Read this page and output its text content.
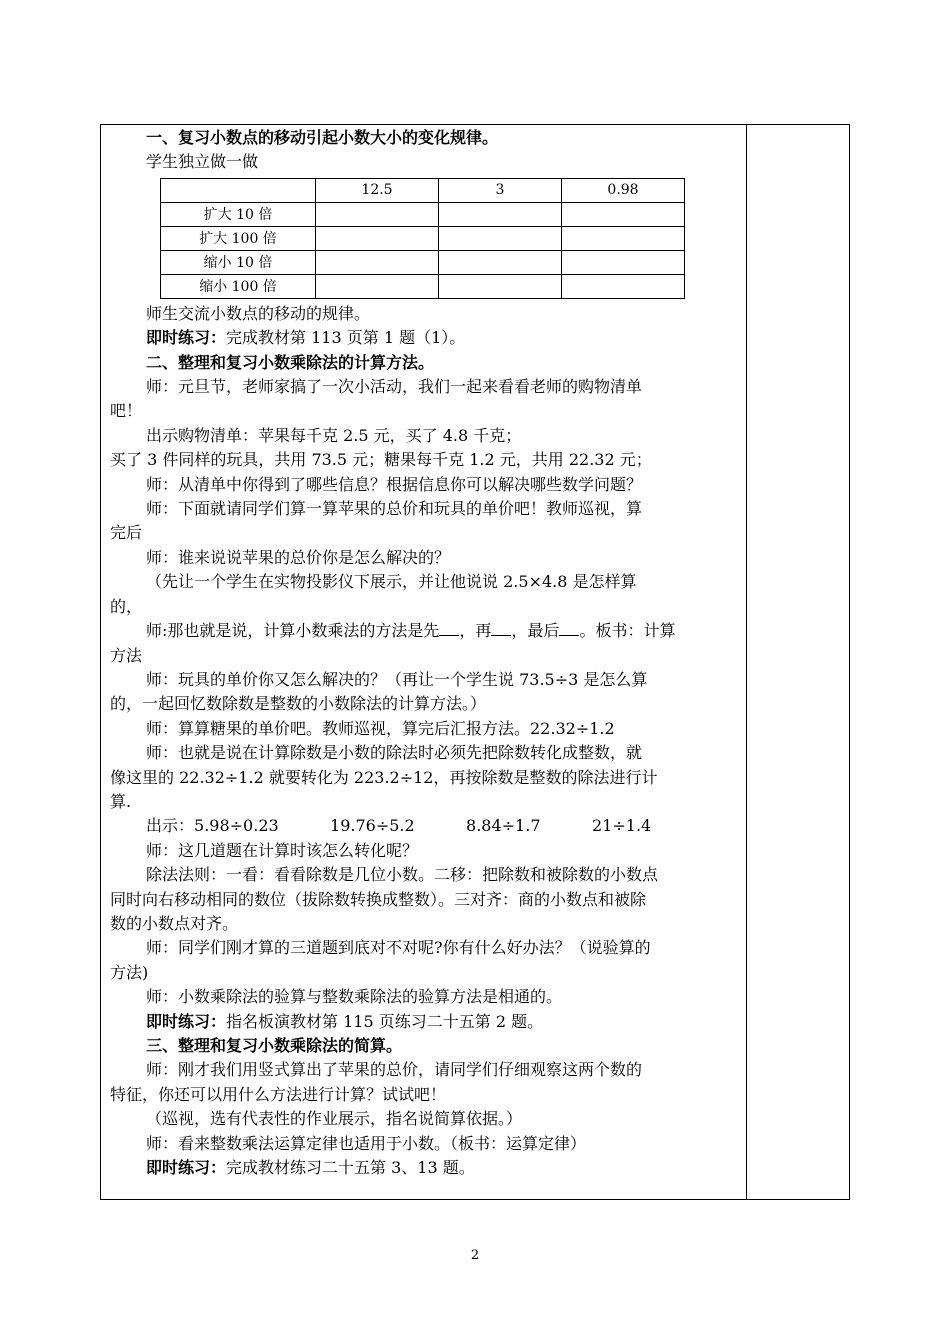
一、复习小数点的移动引起小数大小的变化规律。
学生独立做一做
	12.5	3	0.98
扩大 10 倍			
扩大 100 倍			
缩小 10 倍			
缩小 100 倍			
师生交流小数点的移动的规律。
即时练习：完成教材第 113 页第 1 题（1）。
二、整理和复习小数乘除法的计算方法。
师：元旦节，老师家搞了一次小活动，我们一起来看看老师的购物清单
吧！
出示购物清单：苹果每千克 2.5 元，买了 4.8 千克；
买了 3 件同样的玩具，共用 73.5 元；糖果每千克 1.2 元，共用 22.32 元；
师：从清单中你得到了哪些信息？根据信息你可以解决哪些数学问题？
师：下面就请同学们算一算苹果的总价和玩具的单价吧！教师巡视，算
完后
师：谁来说说苹果的总价你是怎么解决的？
（先让一个学生在实物投影仪下展示，并让他说说 2.5×4.8 是怎样算
的，
师:那也就是说，计算小数乘法的方法是先 ，再 ，最后 。板书：计算
方法
师：玩具的单价你又怎么解决的？（再让一个学生说 73.5÷3 是怎么算
的，一起回忆数除数是整数的小数除法的计算方法。）
师：算算糖果的单价吧。教师巡视，算完后汇报方法。22.32÷1.2
师：也就是说在计算除数是小数的除法时必须先把除数转化成整数，就
像这里的 22.32÷1.2 就要转化为 223.2÷12，再按除数是整数的除法进行计
算.
出示：5.98÷0.23	19.76÷5.2	8.84÷1.7	21÷1.4
师：这几道题在计算时该怎么转化呢？
除法法则：一看：看看除数是几位小数。二移：把除数和被除数的小数点
同时向右移动相同的数位（拔除数转换成整数）。三对齐：商的小数点和被除
数的小数点对齐。
师：同学们刚才算的三道题到底对不对呢?你有什么好办法？（说验算的
方法)
师：小数乘除法的验算与整数乘除法的验算方法是相通的。
即时练习：指名板演教材第 115 页练习二十五第 2 题。
三、整理和复习小数乘除法的简算。
师：刚才我们用竖式算出了苹果的总价，请同学们仔细观察这两个数的
特征，你还可以用什么方法进行计算？试试吧！
（巡视，选有代表性的作业展示，指名说简算依据。）
师：看来整数乘法运算定律也适用于小数。（板书：运算定律）
即时练习：完成教材练习二十五第 3、13 题。
2
